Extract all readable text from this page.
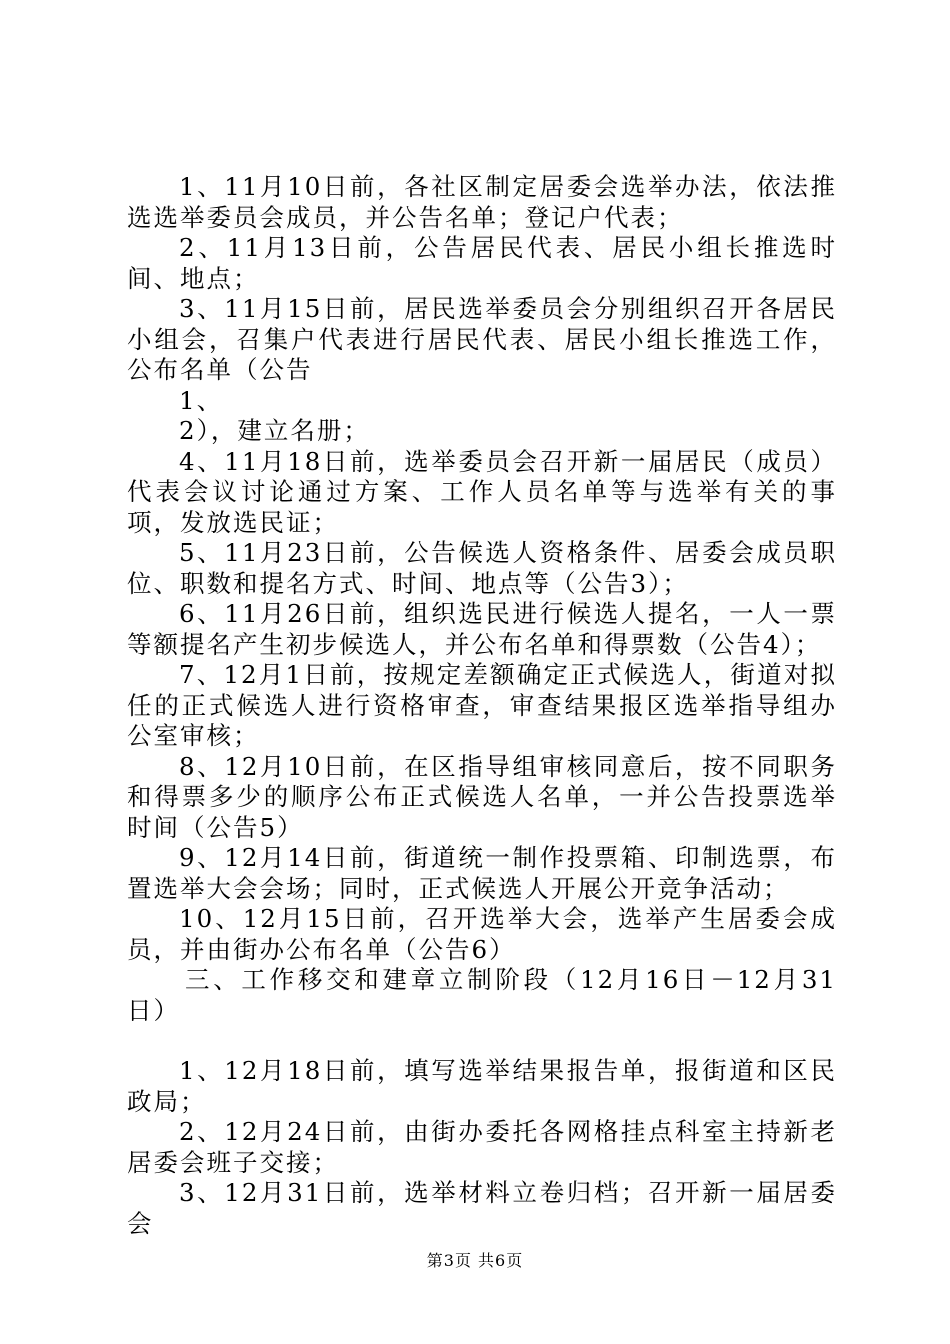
1、11月10日前，各社区制定居委会选举办法，依法推选选举委员会成员，并公告名单；登记户代表；

2、11月13日前，公告居民代表、居民小组长推选时间、地点；

3、11月15日前，居民选举委员会分别组织召开各居民小组会，召集户代表进行居民代表、居民小组长推选工作，公布名单（公告

1、

2），建立名册；

4、11月18日前，选举委员会召开新一届居民（成员）代表会议讨论通过方案、工作人员名单等与选举有关的事项，发放选民证；

5、11月23日前，公告候选人资格条件、居委会成员职位、职数和提名方式、时间、地点等（公告3）；

6、11月26日前，组织选民进行候选人提名，一人一票等额提名产生初步候选人，并公布名单和得票数（公告4）；

7、12月1日前，按规定差额确定正式候选人，街道对拟任的正式候选人进行资格审查，审查结果报区选举指导组办公室审核；

8、12月10日前，在区指导组审核同意后，按不同职务和得票多少的顺序公布正式候选人名单，一并公告投票选举时间（公告5）

9、12月14日前，街道统一制作投票箱、印制选票，布置选举大会会场；同时，正式候选人开展公开竞争活动；

10、12月15日前，召开选举大会，选举产生居委会成员，并由街办公布名单（公告6）

三、工作移交和建章立制阶段（12月16日－12月31日）

1、12月18日前，填写选举结果报告单，报街道和区民政局；

2、12月24日前，由街办委托各网格挂点科室主持新老居委会班子交接；

3、12月31日前，选举材料立卷归档；召开新一届居委会

第3页 共6页
